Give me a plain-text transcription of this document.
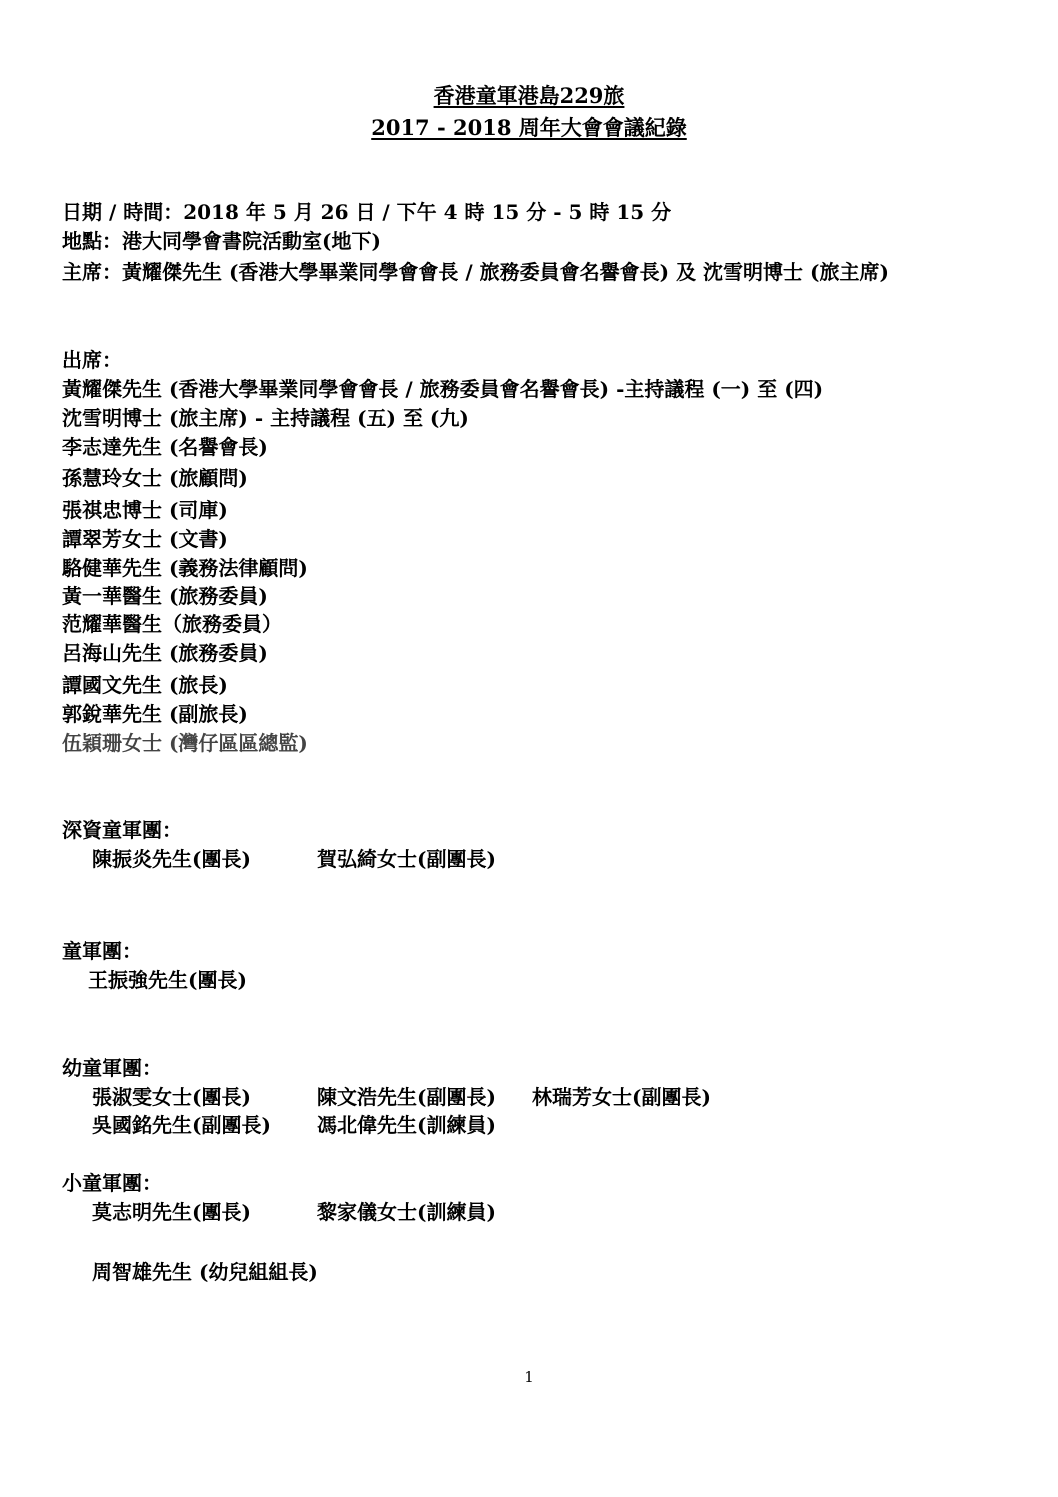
香港童軍港島229旅
2017 - 2018 周年大會會議紀錄
日期 / 時間：2018 年 5 月 26 日 / 下午 4 時 15 分 - 5 時 15 分
地點：港大同學會書院活動室(地下)
主席：黃耀傑先生 (香港大學畢業同學會會長 / 旅務委員會名譽會長) 及 沈雪明博士 (旅主席)
出席：
黃耀傑先生 (香港大學畢業同學會會長 / 旅務委員會名譽會長) -主持議程 (一) 至 (四)
沈雪明博士 (旅主席) - 主持議程 (五) 至 (九)
李志達先生 (名譽會長)
孫慧玲女士 (旅顧問)
張祺忠博士 (司庫)
譚翠芳女士 (文書)
駱健華先生 (義務法律顧問)
黃一華醫生 (旅務委員)
范耀華醫生（旅務委員）
呂海山先生 (旅務委員)
譚國文先生 (旅長)
郭銳華先生 (副旅長)
伍穎珊女士 (灣仔區區總監)
深資童軍團：
陳振炎先生(團長)	賀弘綺女士(副團長)
童軍團：
王振強先生(團長)
幼童軍團：
張淑雯女士(團長)	陳文浩先生(副團長) 林瑞芳女士(副團長)
吳國銘先生(副團長) 馮北偉先生(訓練員)
小童軍團：
莫志明先生(團長)	黎家儀女士(訓練員)
周智雄先生 (幼兒組組長)
1
